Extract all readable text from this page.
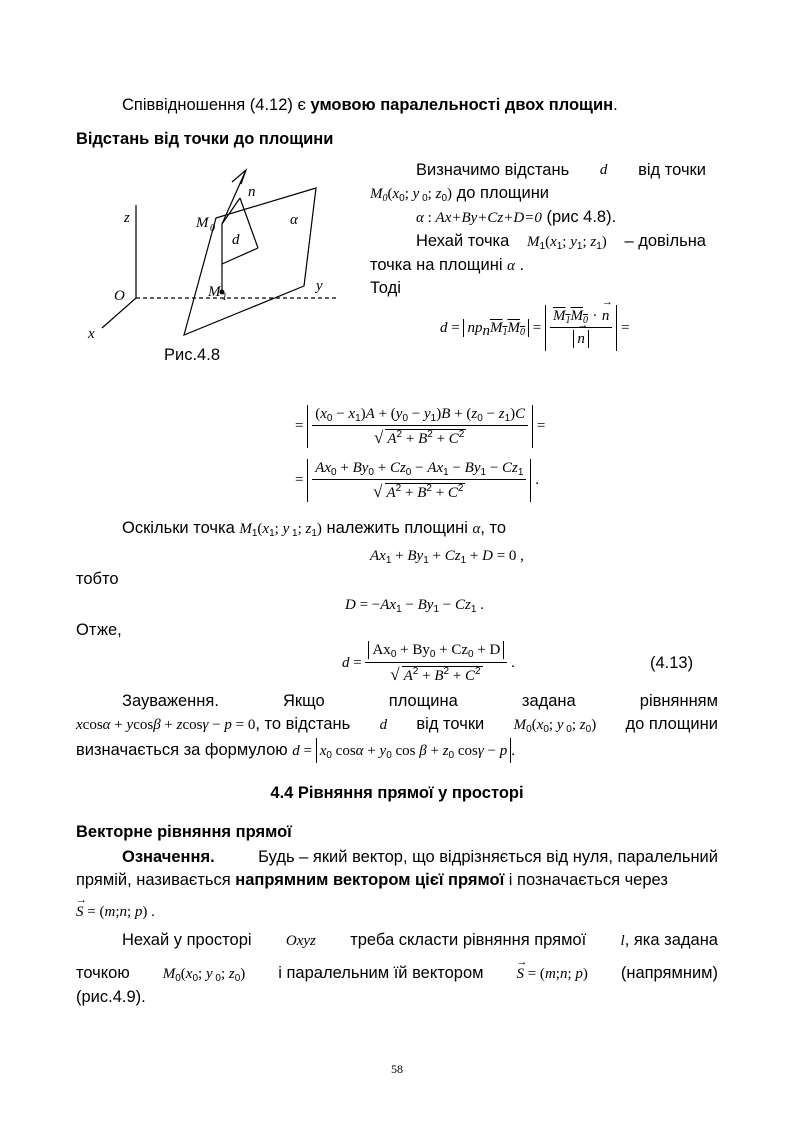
Співвідношення (4.12) є умовою паралельності двох площин.
Відстань від точки до площини
O
x
y
z
n
α
d
M 0
M 1
Рис.4.8
Визначимо відстань d від точки
$M_0(x_0$; y $_0$; $z_0$) до площини
α : Ax+By+Cz+D=0 (рис 4.8).
Нехай точка $M_1(x_1$; $y_1$; $z_1$) – довільна
точка на площині α .
Тоді
$d = np_nM_1M_0 = M_1M_0$ · → n
→ n =
= $\frac{(x_0 - x_1)A + (y_0 - y_1)B + (z_0 - z_1)C}{√ A^2 + B^2 + C^2}$ =
= $\frac{Ax_0 + By_0 + Cz_0 - Ax_1 - By_1 - Cz_1}{√ A^2 + B^2 + C^2}$ .
Оскільки точка $M_1(x_1$; y $_1$; $z_1$) належить площині α, то
$Ax_1 + By_1 + Cz_1 + D = 0$ ,
тобто
$D = -Ax_1 - By_1 - Cz_1$ .
Отже,
$d = \frac{Ax_0 + By_0 + Cz_0 + D}{√ A^2 + B^2 + C^2}$ .	(4.13)
Зауваження.	Якщо	площина	задана	рівнянням
xcosα + ycosβ + zcosγ − p = 0, то відстань d від точки $M_0(x_0$; y $_0$; $z_0$) до площини
визначається за формулою $d = x_0$ $\cos\alpha + y_0$ $\cos \beta + z_0$ cosγ − p .
4.4 Рівняння прямої у просторі
Векторне рівняння прямої
Означення.	Будь – який вектор, що відрізняється від нуля, паралельний
прямій, називається напрямним вектором цієї прямої і позначається через
→ S = (m;n; p) .
Нехай у просторі Oxyz треба скласти рівняння прямої l, яка задана
точкою $M_0(x_0$; y $_0$; $z_0$) і паралельним їй вектором → S = (m;n; p) (напрямним)
(рис.4.9).
58
